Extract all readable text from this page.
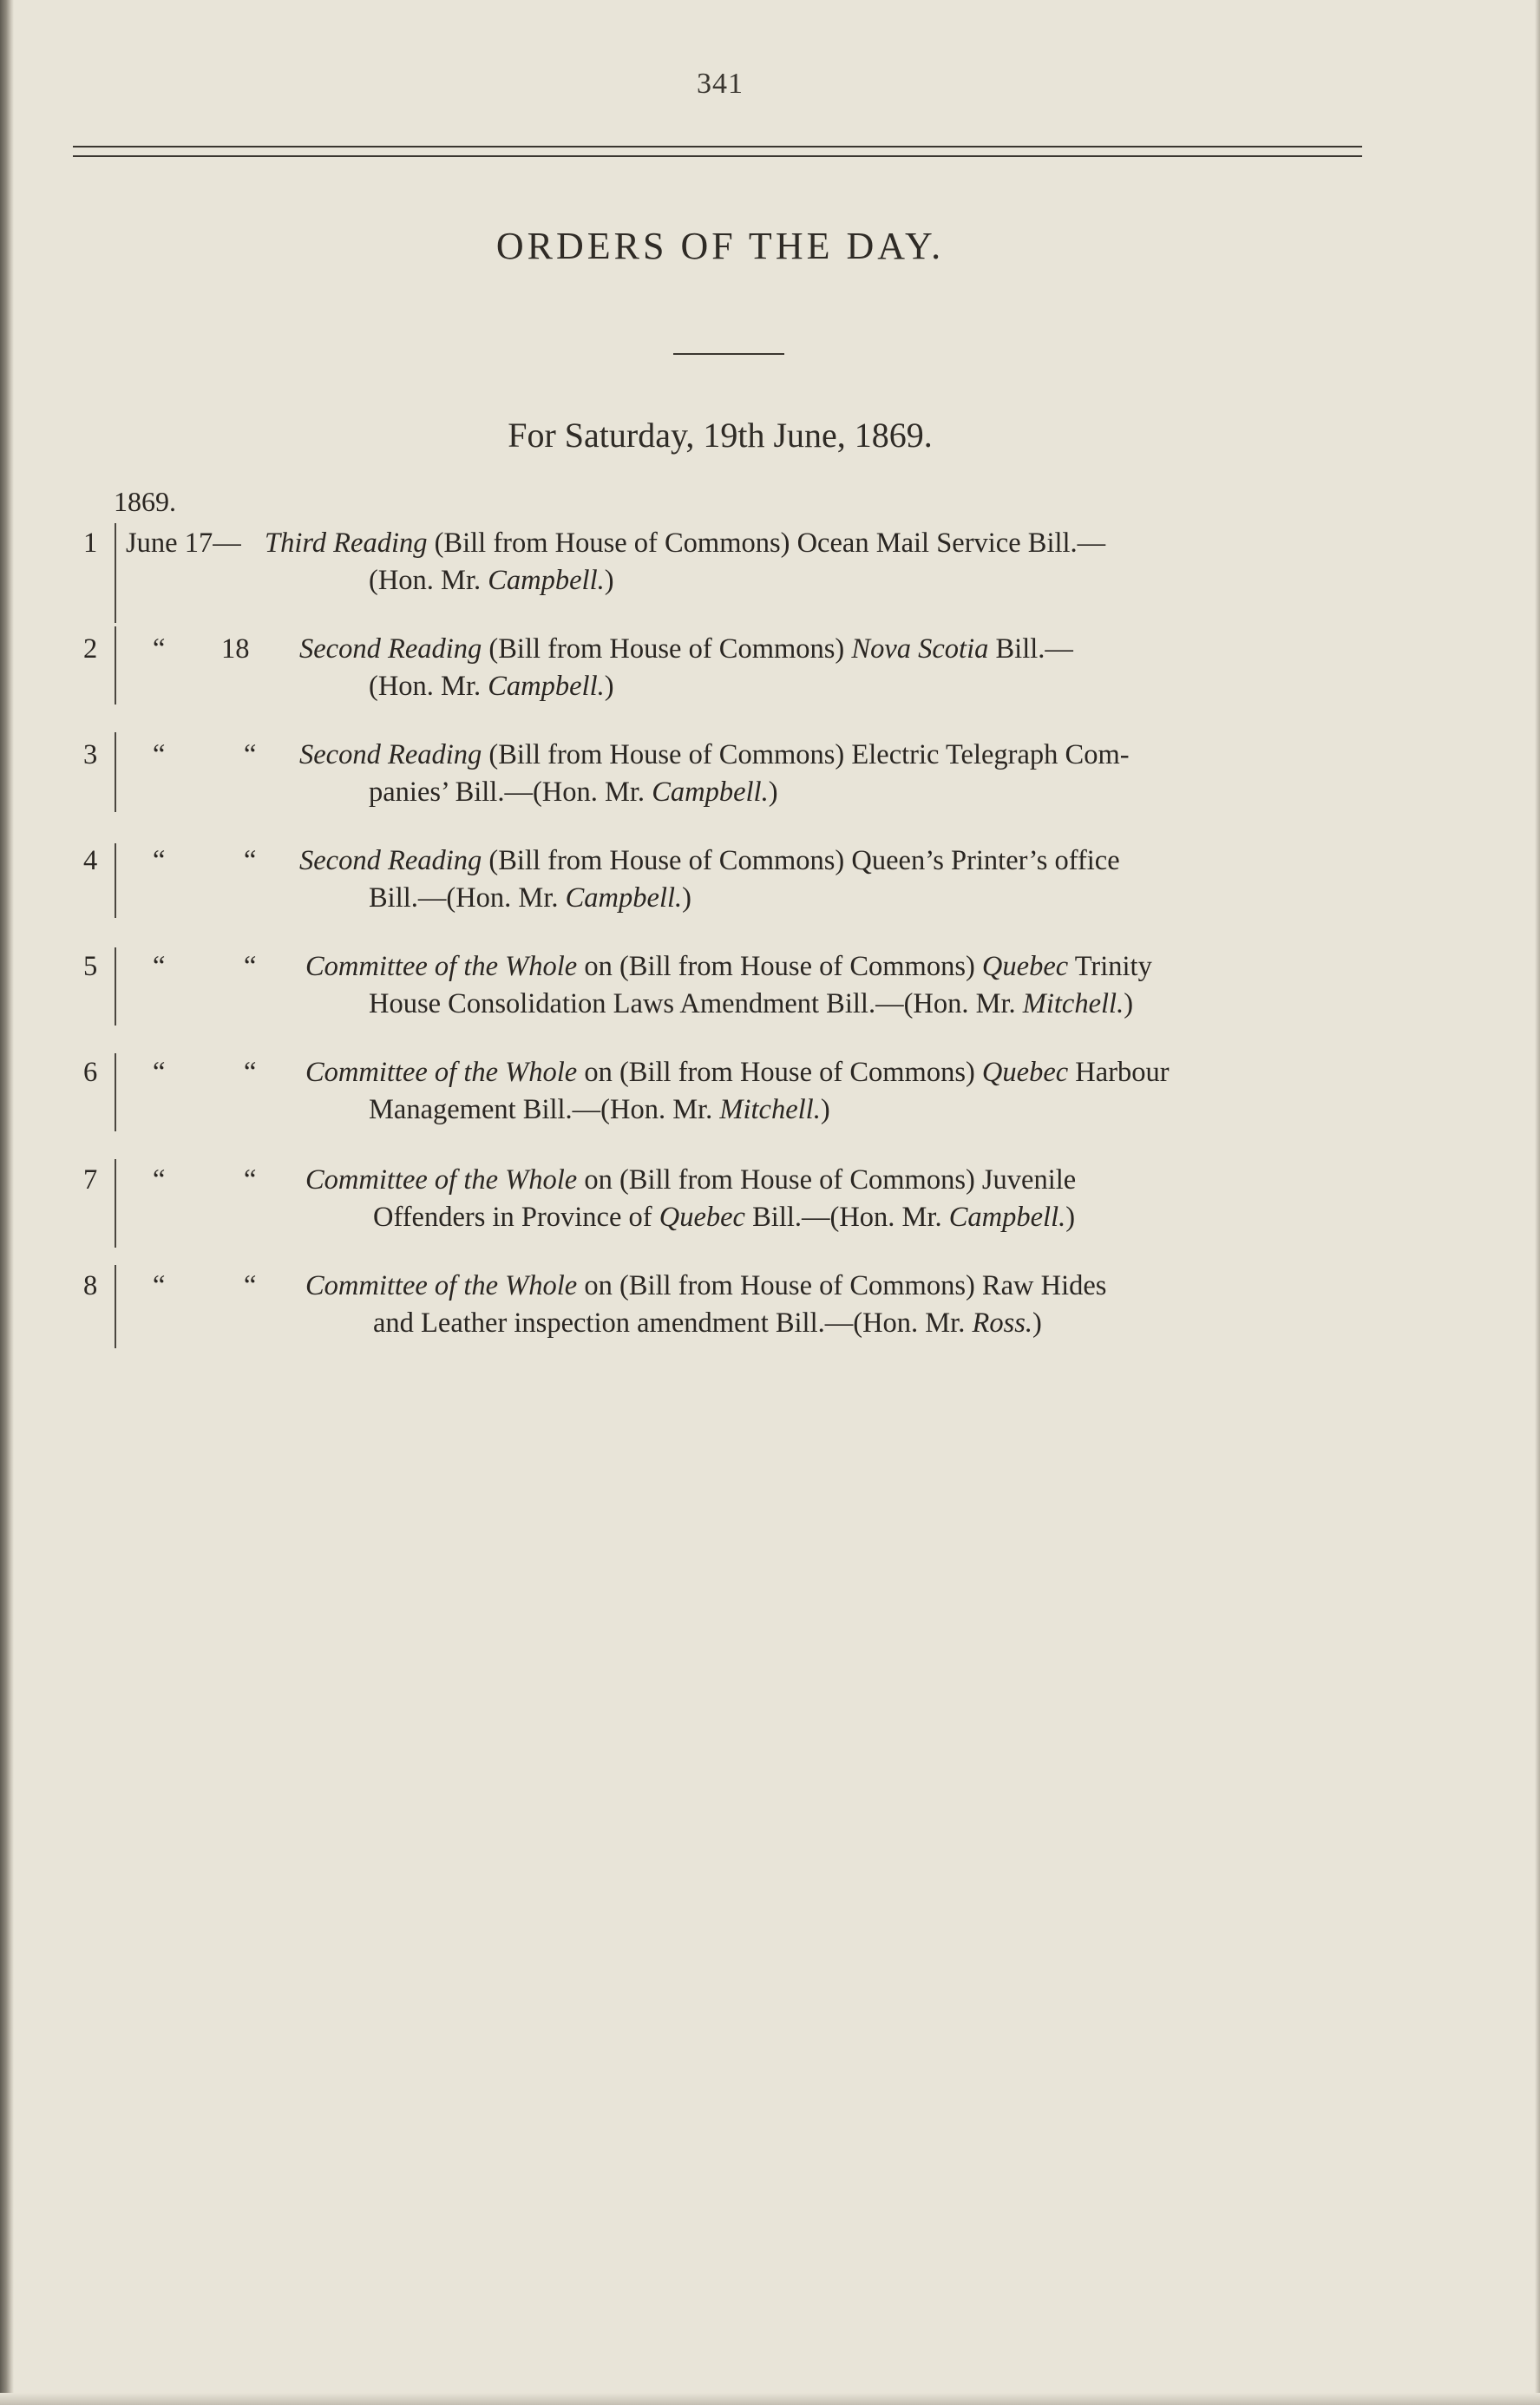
341
ORDERS OF THE DAY.
For Saturday, 19th June, 1869.
1869.
1 June 17— Third Reading (Bill from House of Commons) Ocean Mail Service Bill.—
(Hon. Mr. Campbell.)
2 “ 18 Second Reading (Bill from House of Commons) Nova Scotia Bill.—
(Hon. Mr. Campbell.)
3 “	“ Second Reading (Bill from House of Commons) Electric Telegraph Com-
panies’ Bill.—(Hon. Mr. Campbell.)
4 “	“ Second Reading (Bill from House of Commons) Queen’s Printer’s office
Bill.—(Hon. Mr. Campbell.)
5 “	“ Committee of the Whole on (Bill from House of Commons) Quebec Trinity
House Consolidation Laws Amendment Bill.—(Hon. Mr. Mitchell.)
6 “	“ Committee of the Whole on (Bill from House of Commons) Quebec Harbour
Management Bill.—(Hon. Mr. Mitchell.)
7 “	“ Committee of the Whole on (Bill from House of Commons) Juvenile
Offenders in Province of Quebec Bill.—(Hon. Mr. Campbell.)
8 “	“ Committee of the Whole on (Bill from House of Commons) Raw Hides
and Leather inspection amendment Bill.—(Hon. Mr. Ross.)
